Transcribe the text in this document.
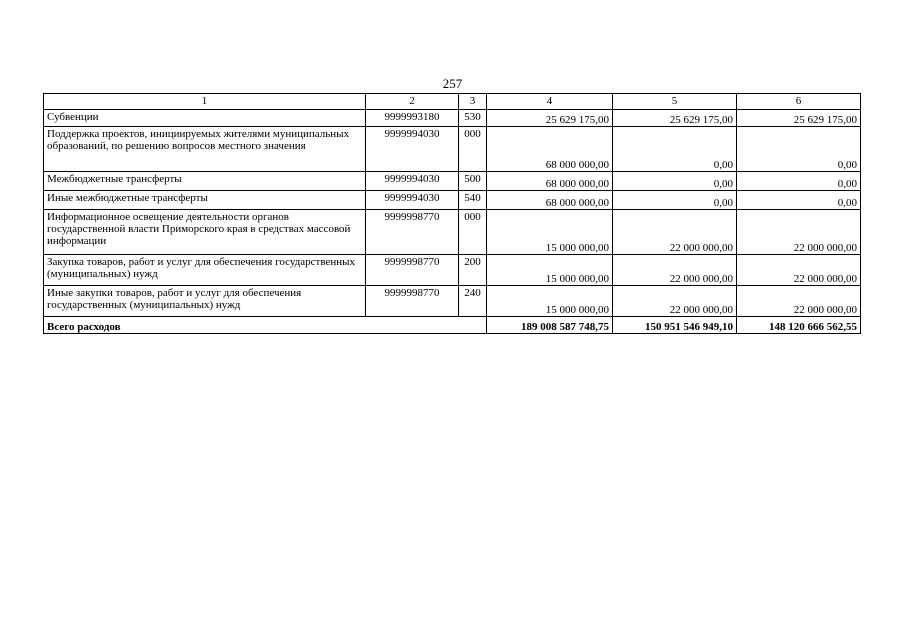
257
1	2	3	4	5	6
Субвенции	9999993180	530	25 629 175,00	25 629 175,00	25 629 175,00
Поддержка проектов, инициируемых жителями муниципальных образований, по решению вопросов местного значения	9999994030	000	68 000 000,00	0,00	0,00
Межбюджетные трансферты	9999994030	500	68 000 000,00	0,00	0,00
Иные межбюджетные трансферты	9999994030	540	68 000 000,00	0,00	0,00
Информационное освещение деятельности органов государственной власти Приморского края в средствах массовой информации	9999998770	000	15 000 000,00	22 000 000,00	22 000 000,00
Закупка товаров, работ и услуг для обеспечения государственных (муниципальных) нужд	9999998770	200	15 000 000,00	22 000 000,00	22 000 000,00
Иные закупки товаров, работ и услуг для обеспечения государственных (муниципальных) нужд	9999998770	240	15 000 000,00	22 000 000,00	22 000 000,00
Всего расходов			189 008 587 748,75	150 951 546 949,10	148 120 666 562,55
